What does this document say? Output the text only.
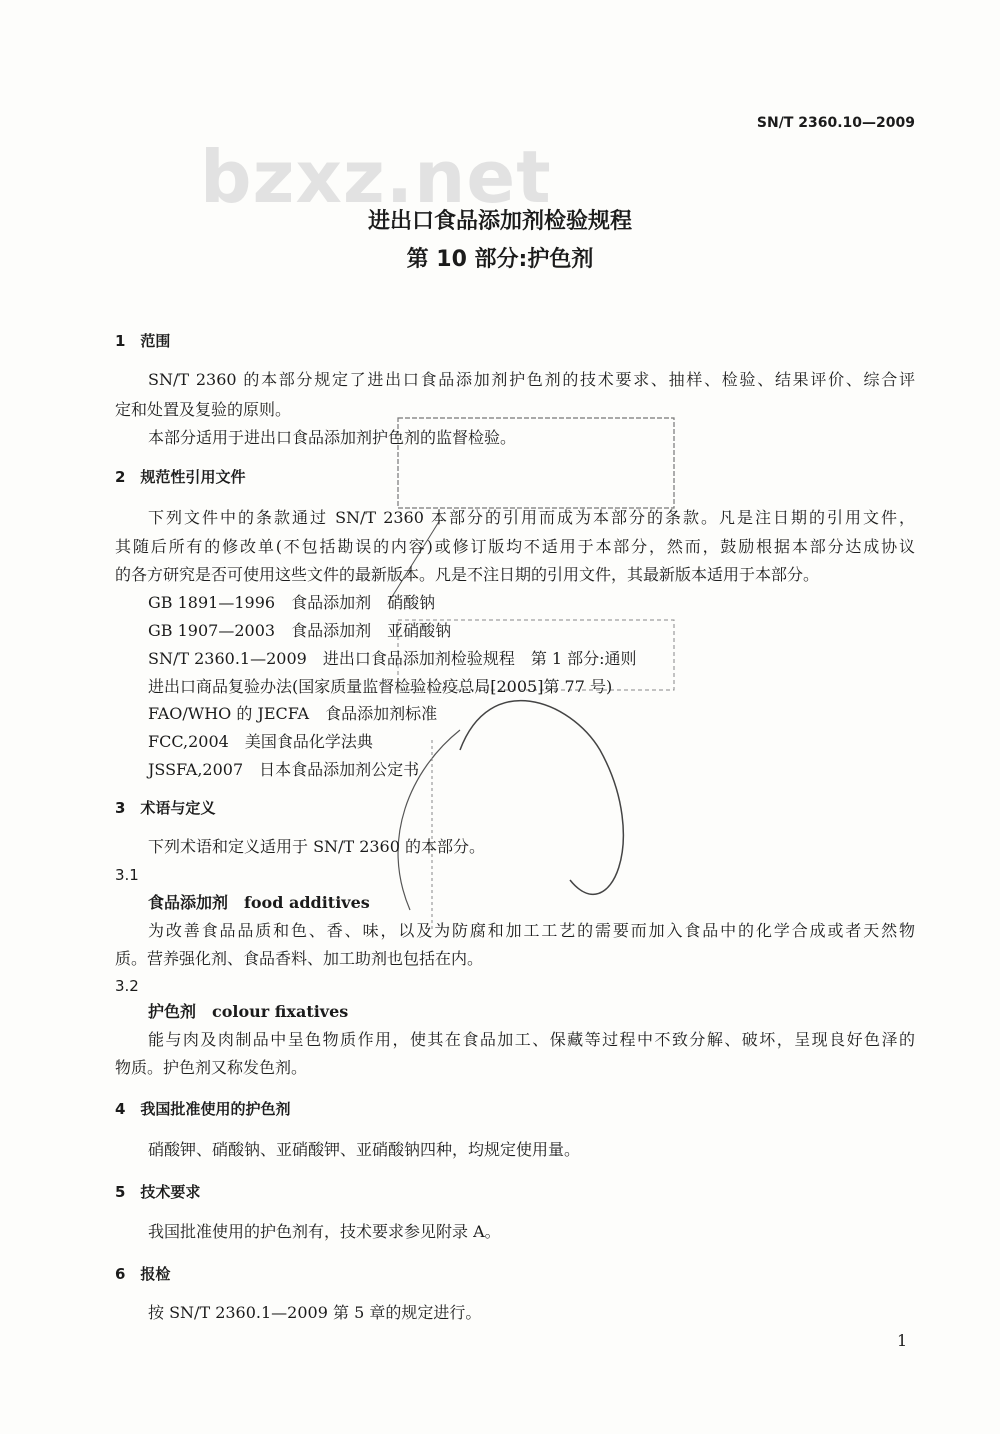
bzxz.net
SN/T 2360.10—2009
进出口食品添加剂检验规程
第 10 部分:护色剂
1　范围
SN/T 2360 的本部分规定了进出口食品添加剂护色剂的技术要求、抽样、检验、结果评价、综合评
定和处置及复验的原则。
本部分适用于进出口食品添加剂护色剂的监督检验。
2　规范性引用文件
下列文件中的条款通过 SN/T 2360 本部分的引用而成为本部分的条款。凡是注日期的引用文件，
其随后所有的修改单(不包括勘误的内容)或修订版均不适用于本部分，然而，鼓励根据本部分达成协议
的各方研究是否可使用这些文件的最新版本。凡是不注日期的引用文件，其最新版本适用于本部分。
GB 1891—1996　食品添加剂　硝酸钠
GB 1907—2003　食品添加剂　亚硝酸钠
SN/T 2360.1—2009　进出口食品添加剂检验规程　第 1 部分:通则
进出口商品复验办法(国家质量监督检验检疫总局[2005]第 77 号)
FAO/WHO 的 JECFA　食品添加剂标准
FCC,2004　美国食品化学法典
JSSFA,2007　日本食品添加剂公定书
3　术语与定义
下列术语和定义适用于 SN/T 2360 的本部分。
3.1
食品添加剂　food additives
为改善食品品质和色、香、味，以及为防腐和加工工艺的需要而加入食品中的化学合成或者天然物
质。营养强化剂、食品香料、加工助剂也包括在内。
3.2
护色剂　colour fixatives
能与肉及肉制品中呈色物质作用，使其在食品加工、保藏等过程中不致分解、破坏，呈现良好色泽的
物质。护色剂又称发色剂。
4　我国批准使用的护色剂
硝酸钾、硝酸钠、亚硝酸钾、亚硝酸钠四种，均规定使用量。
5　技术要求
我国批准使用的护色剂有，技术要求参见附录 A。
6　报检
按 SN/T 2360.1—2009 第 5 章的规定进行。
1
